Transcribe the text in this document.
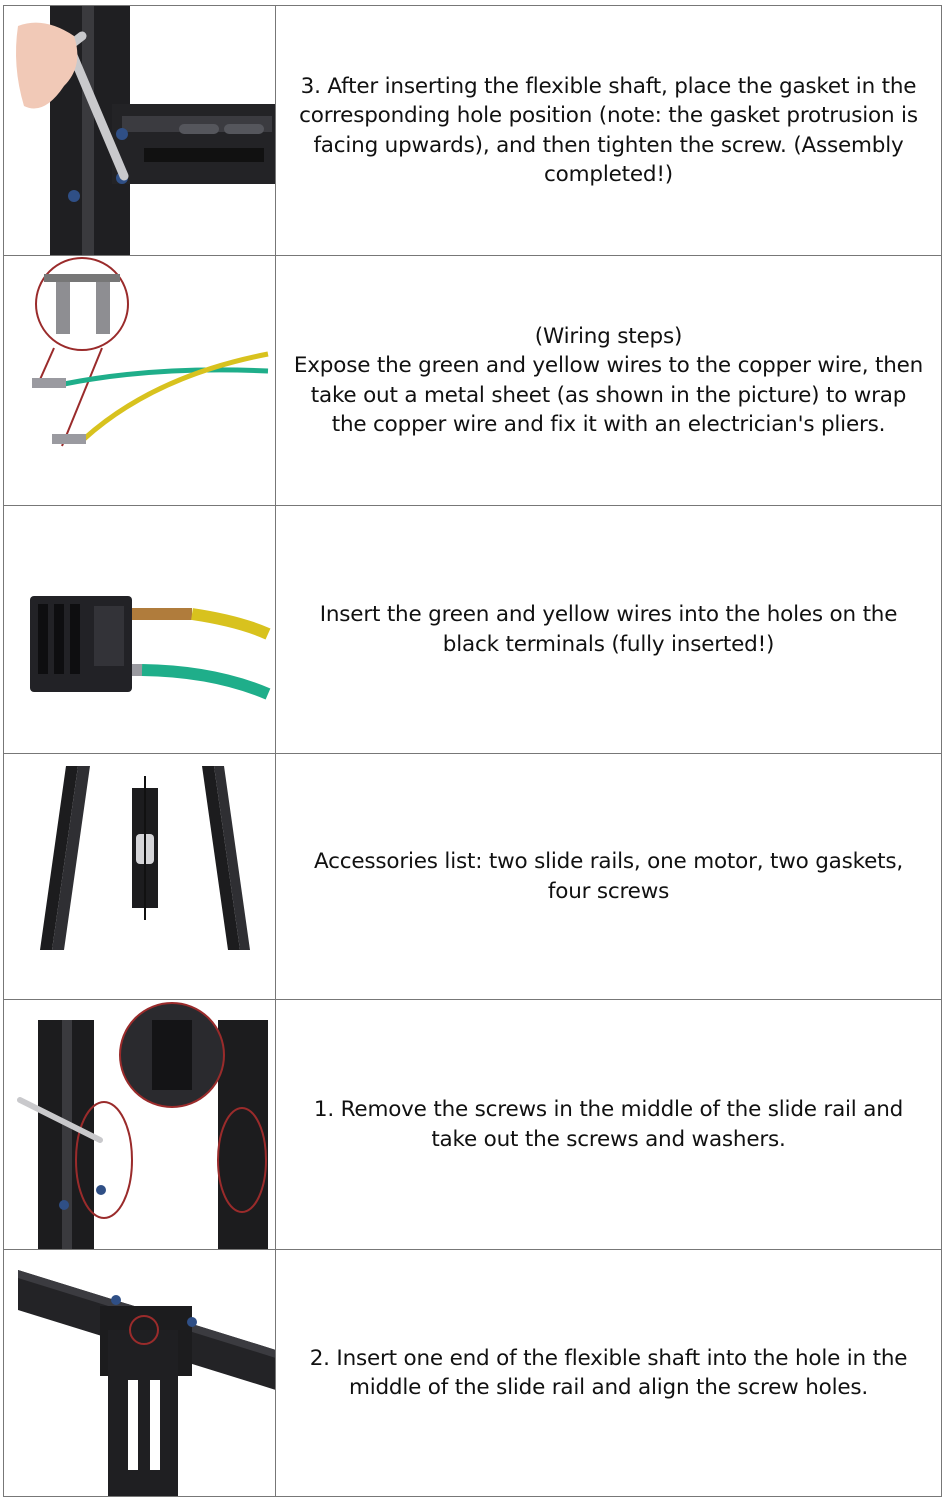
3. After inserting the flexible shaft, place the gasket in the
corresponding hole position (note: the gasket protrusion is
facing upwards), and then tighten the screw. (Assembly
completed!)

(Wiring steps)
Expose the green and yellow wires to the copper wire, then
take out a metal sheet (as shown in the picture) to wrap
the copper wire and fix it with an electrician's pliers.

Insert the green and yellow wires into the holes on the
black terminals (fully inserted!)

Accessories list: two slide rails, one motor, two gaskets,
four screws

1. Remove the screws in the middle of the slide rail and
take out the screws and washers.

2. Insert one end of the flexible shaft into the hole in the
middle of the slide rail and align the screw holes.
